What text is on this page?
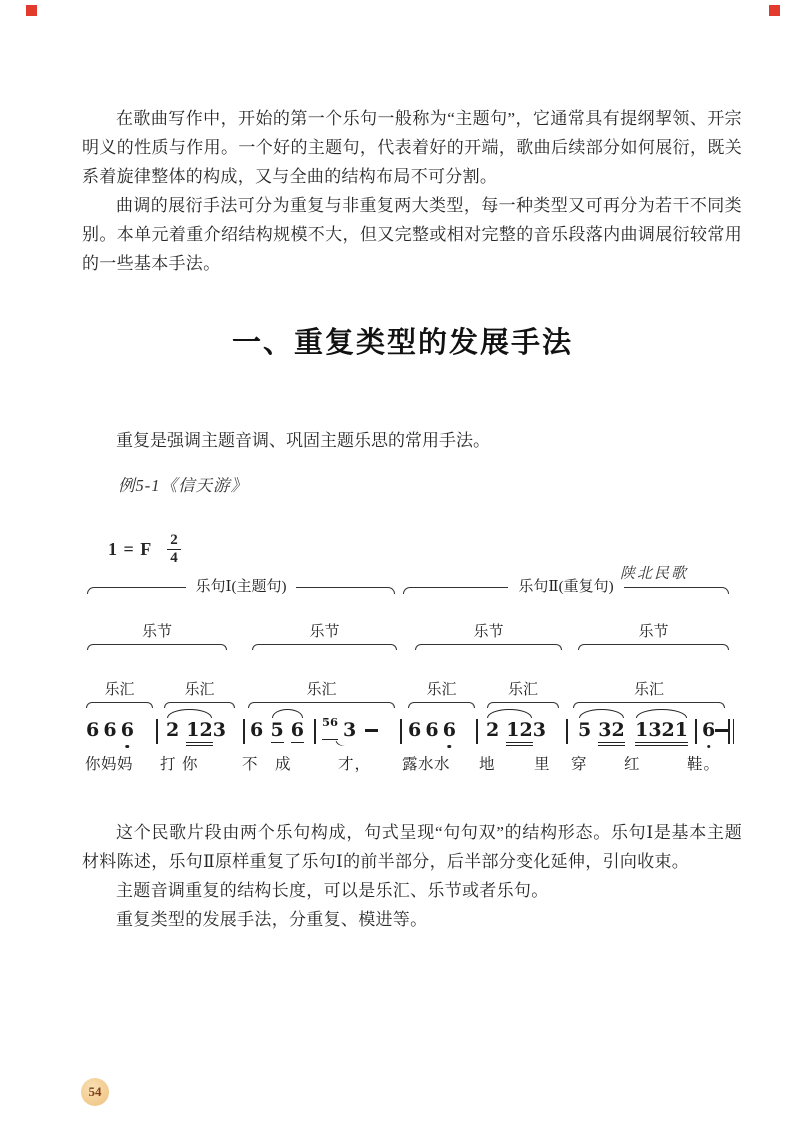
在歌曲写作中，开始的第一个乐句一般称为“主题句”，它通常具有提纲挈领、开宗明义的性质与作用。一个好的主题句，代表着好的开端，歌曲后续部分如何展衍，既关系着旋律整体的构成，又与全曲的结构布局不可分割。

曲调的展衍手法可分为重复与非重复两大类型，每一种类型又可再分为若干不同类别。本单元着重介绍结构规模不大，但又完整或相对完整的音乐段落内曲调展衍较常用的一些基本手法。

一、重复类型的发展手法
重复是强调主题音调、巩固主题乐思的常用手法。
例5-1《信天游》
1 = F $\frac{2}{4}$
陕北民歌
乐句Ⅰ(主题句)	乐句Ⅱ(重复句)
乐节	乐节	乐节	乐节
乐汇	乐汇	乐汇	乐汇	乐汇	乐汇
6 6 6 2 12 3 6 5 6 56 3	6 6 6 2 12 3 5 32 1321 6
你 妈 妈 打 你	不 成	才， 露 水 水 地 里 穿 红	鞋。

这个民歌片段由两个乐句构成，句式呈现“句句双”的结构形态。乐句Ⅰ是基本主题材料陈述，乐句Ⅱ原样重复了乐句Ⅰ的前半部分，后半部分变化延伸，引向收束。

主题音调重复的结构长度，可以是乐汇、乐节或者乐句。

重复类型的发展手法，分重复、模进等。

54
